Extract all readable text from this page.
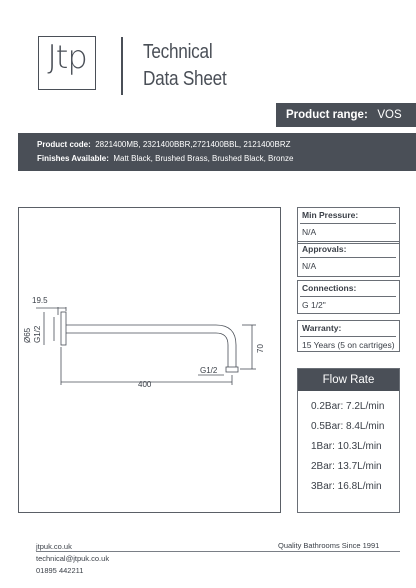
Jtp	Technical
Data Sheet
Product range: VOS
Product code: 2821400MB, 2321400BBR,2721400BBL, 2121400BRZ
Finishes Available: Matt Black, Brushed Brass, Brushed Black, Bronze
19.5
Ø65 G1/2
400
70
G1/2
Min Pressure:
N/A
Approvals:
N/A
Connections:
G 1/2"
Warranty:
15 Years (5 on cartriges)
Flow Rate
0.2Bar: 7.2L/min
0.5Bar: 8.4L/min
1Bar: 10.3L/min
2Bar: 13.7L/min
3Bar: 16.8L/min
jtpuk.co.uk
technical@jtpuk.co.uk
01895 442211
Quality Bathrooms Since 1991
